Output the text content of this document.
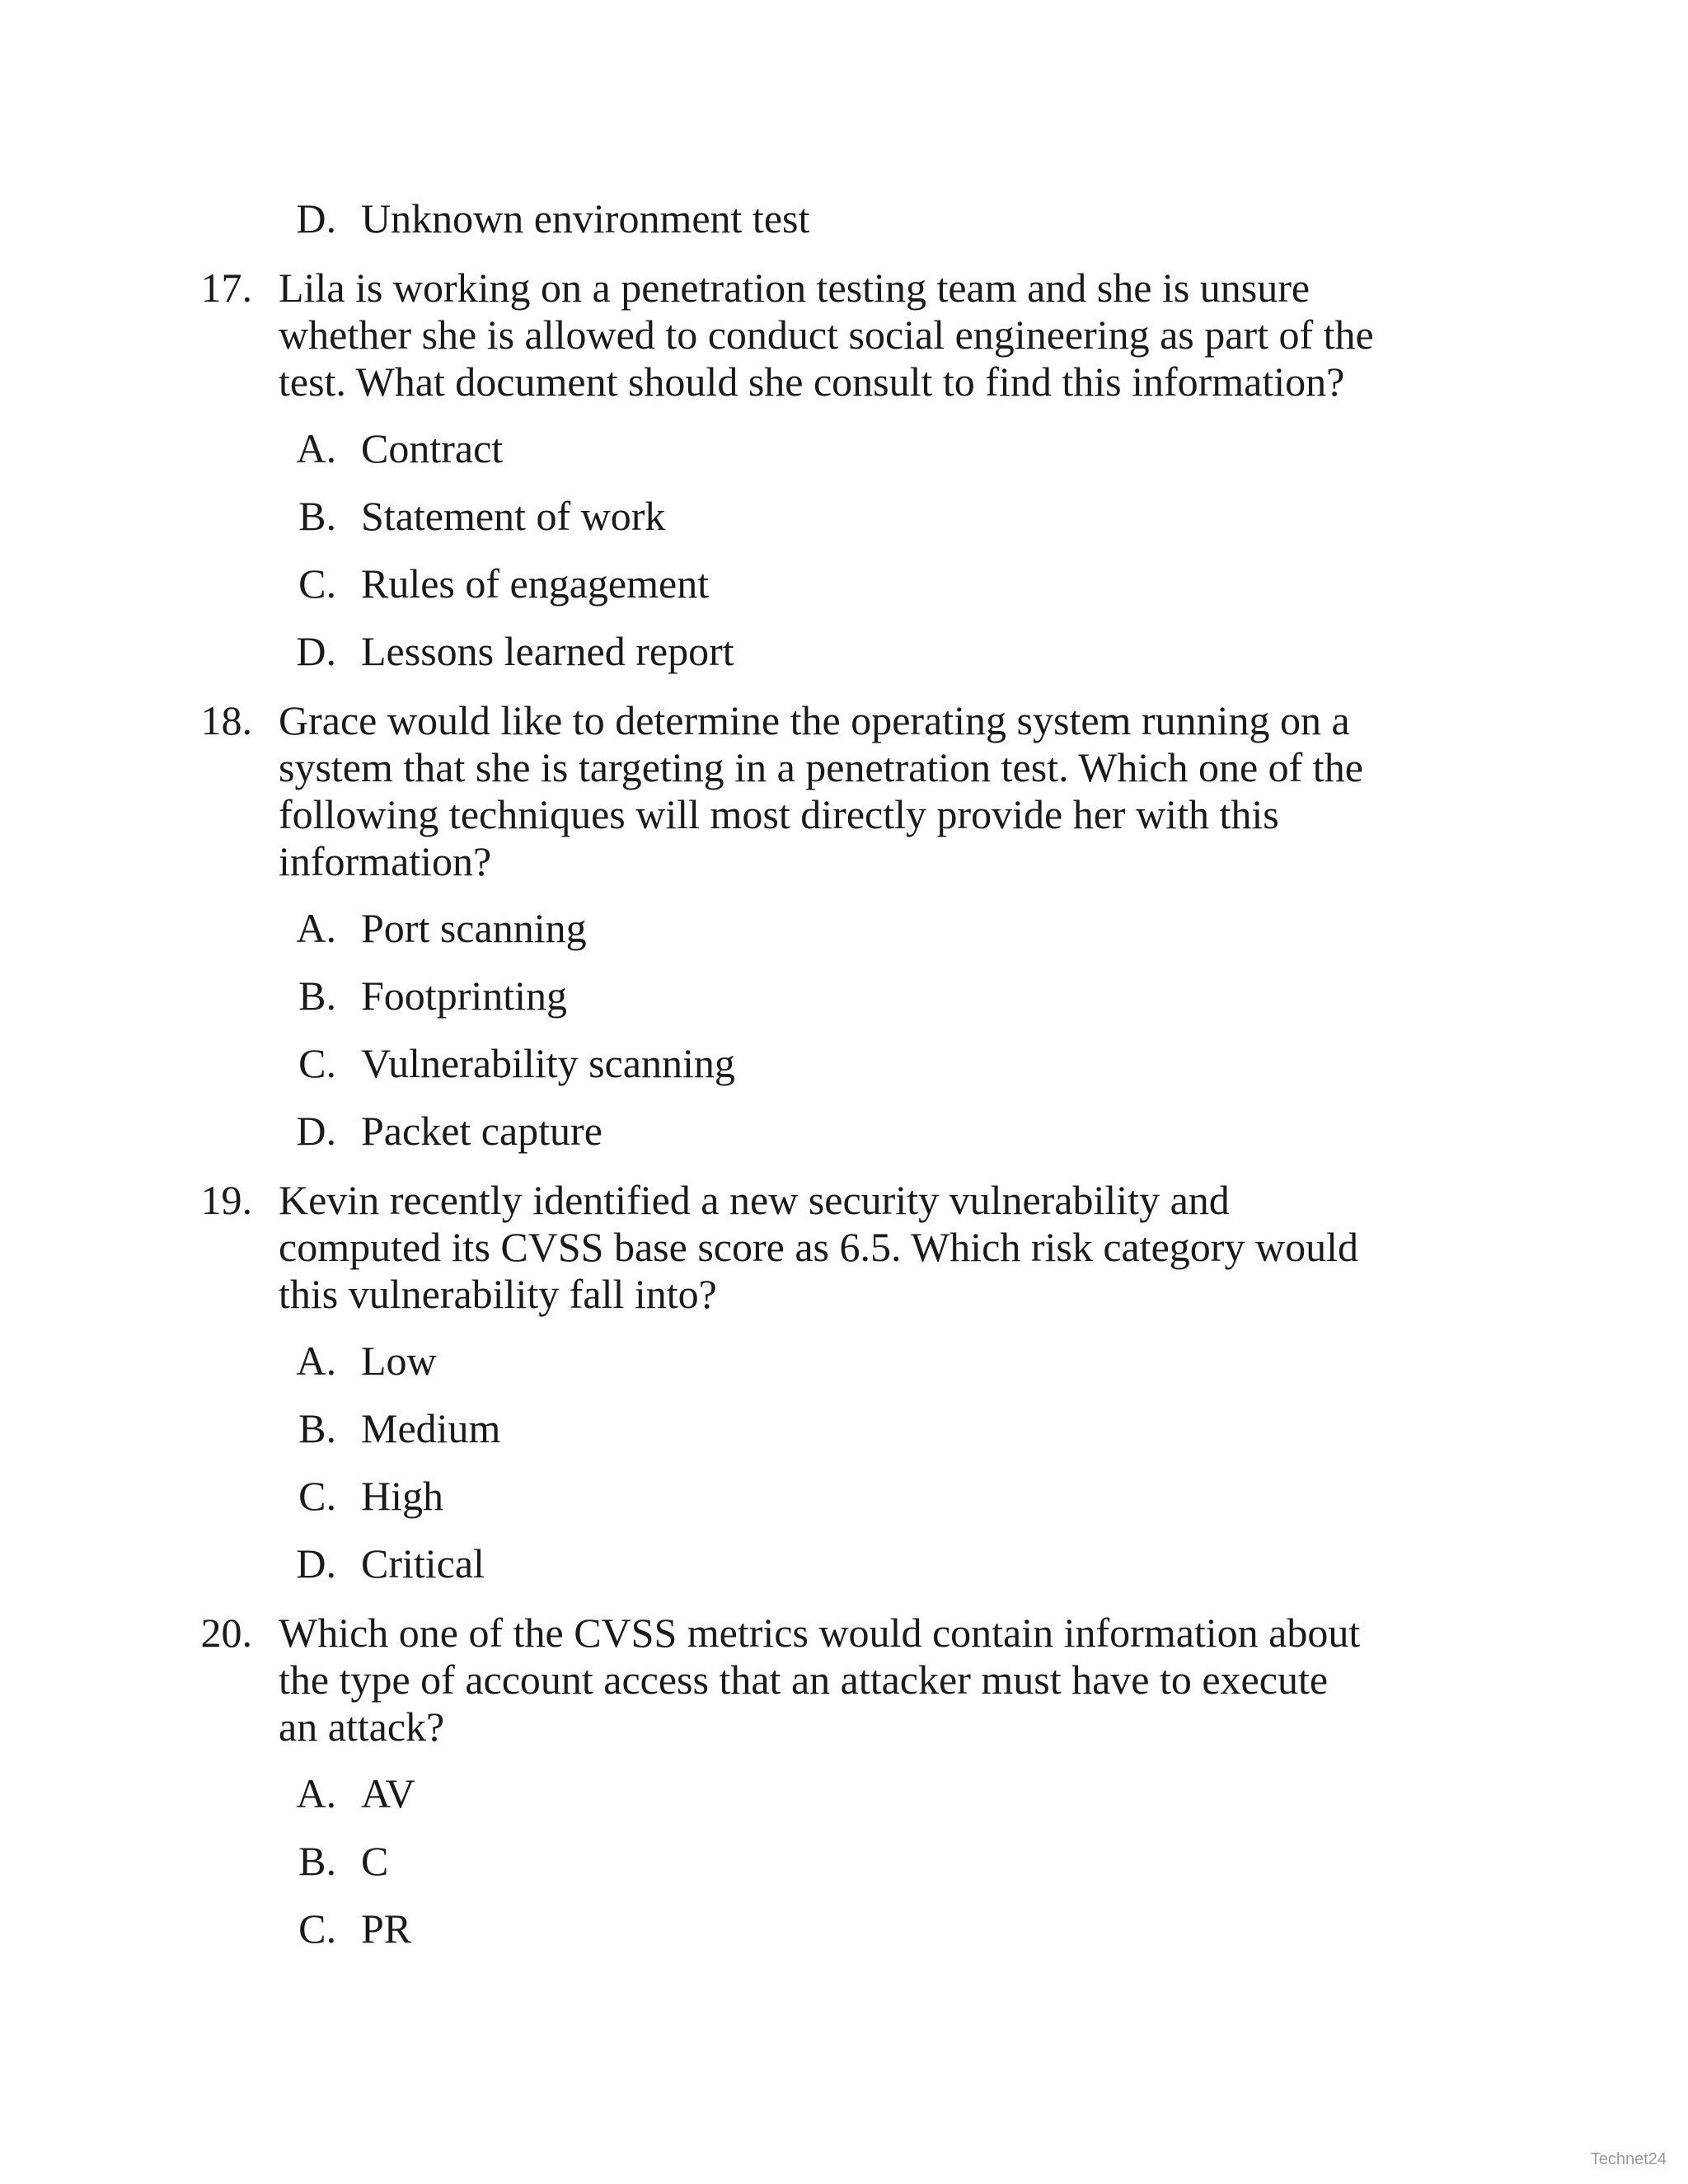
D. Unknown environment test
17. Lila is working on a penetration testing team and she is unsure
whether she is allowed to conduct social engineering as part of the
test. What document should she consult to find this information?
A. Contract
B. Statement of work
C. Rules of engagement
D. Lessons learned report
18. Grace would like to determine the operating system running on a
system that she is targeting in a penetration test. Which one of the
following techniques will most directly provide her with this
information?
A. Port scanning
B. Footprinting
C. Vulnerability scanning
D. Packet capture
19. Kevin recently identified a new security vulnerability and
computed its CVSS base score as 6.5. Which risk category would
this vulnerability fall into?
A. Low
B. Medium
C. High
D. Critical
20. Which one of the CVSS metrics would contain information about
the type of account access that an attacker must have to execute
an attack?
A. AV
B. C
C. PR
Technet24
